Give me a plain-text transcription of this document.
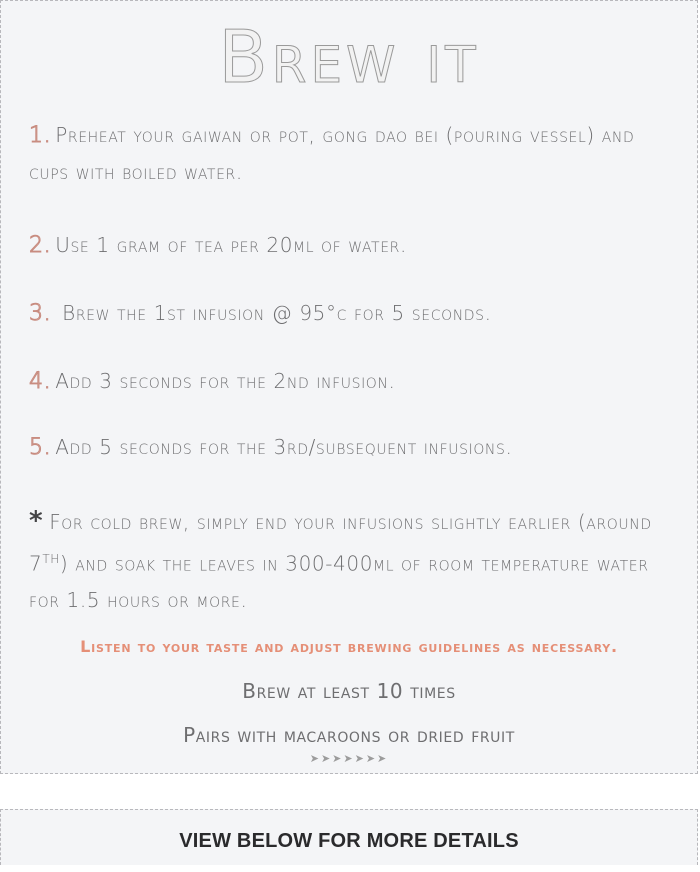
Brew it

1. Preheat your gaiwan or pot, gong dao bei (pouring vessel) and cups with boiled water.

2. Use 1 gram of tea per 20ml of water.

3. Brew the 1st infusion @ 95°c for 5 seconds.

4. Add 3 seconds for the 2nd infusion.

5. Add 5 seconds for the 3rd/subsequent infusions.

* For cold brew, simply end your infusions slightly earlier (around 7th) and soak the leaves in 300-400ml of room temperature water for 1.5 hours or more.

Listen to your taste and adjust brewing guidelines as necessary.

Brew at least 10 times

Pairs with macaroons or dried fruit

➤➤➤➤➤➤➤
VIEW BELOW FOR MORE DETAILS
